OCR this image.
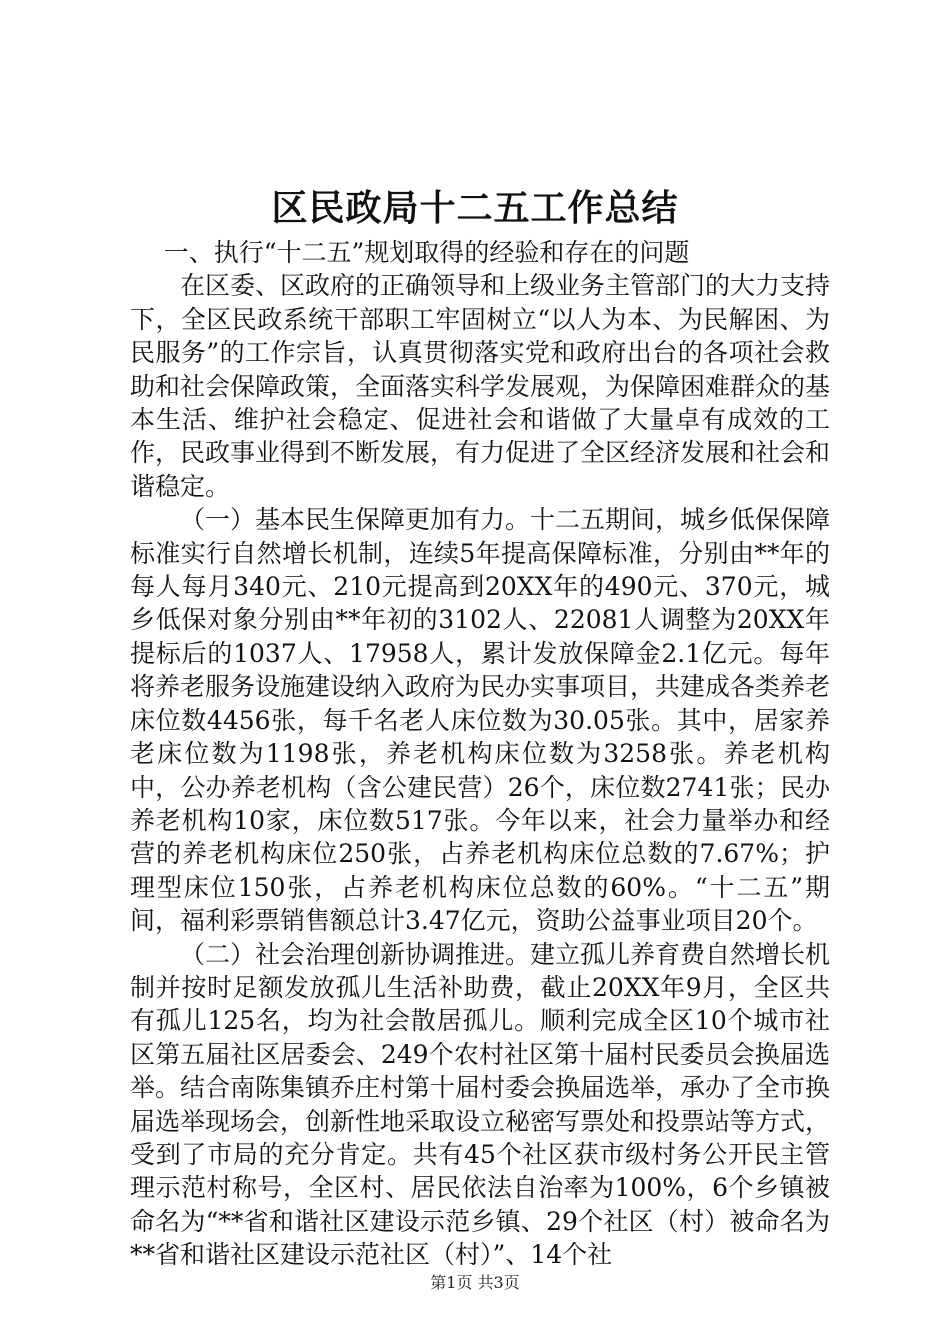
区民政局十二五工作总结

一、执行“十二五”规划取得的经验和存在的问题

在区委、区政府的正确领导和上级业务主管部门的大力支持下，全区民政系统干部职工牢固树立“以人为本、为民解困、为民服务”的工作宗旨，认真贯彻落实党和政府出台的各项社会救助和社会保障政策，全面落实科学发展观，为保障困难群众的基本生活、维护社会稳定、促进社会和谐做了大量卓有成效的工作，民政事业得到不断发展，有力促进了全区经济发展和社会和谐稳定。

（一）基本民生保障更加有力。十二五期间，城乡低保保障标准实行自然增长机制，连续5年提高保障标准，分别由**年的每人每月340元、210元提高到20XX年的490元、370元，城乡低保对象分别由**年初的3102人、22081人调整为20XX年提标后的1037人、17958人，累计发放保障金2.1亿元。每年将养老服务设施建设纳入政府为民办实事项目，共建成各类养老床位数4456张，每千名老人床位数为30.05张。其中，居家养老床位数为1198张，养老机构床位数为3258张。养老机构中，公办养老机构（含公建民营）26个，床位数2741张；民办养老机构10家，床位数517张。今年以来，社会力量举办和经营的养老机构床位250张，占养老机构床位总数的7.67%；护理型床位150张，占养老机构床位总数的60%。“十二五”期间，福利彩票销售额总计3.47亿元，资助公益事业项目20个。

（二）社会治理创新协调推进。建立孤儿养育费自然增长机制并按时足额发放孤儿生活补助费，截止20XX年9月，全区共有孤儿125名，均为社会散居孤儿。顺利完成全区10个城市社区第五届社区居委会、249个农村社区第十届村民委员会换届选举。结合南陈集镇乔庄村第十届村委会换届选举，承办了全市换届选举现场会，创新性地采取设立秘密写票处和投票站等方式，受到了市局的充分肯定。共有45个社区获市级村务公开民主管理示范村称号，全区村、居民依法自治率为100%，6个乡镇被命名为“**省和谐社区建设示范乡镇、29个社区（村）被命名为**省和谐社区建设示范社区（村）”、14个社

第1页 共3页
